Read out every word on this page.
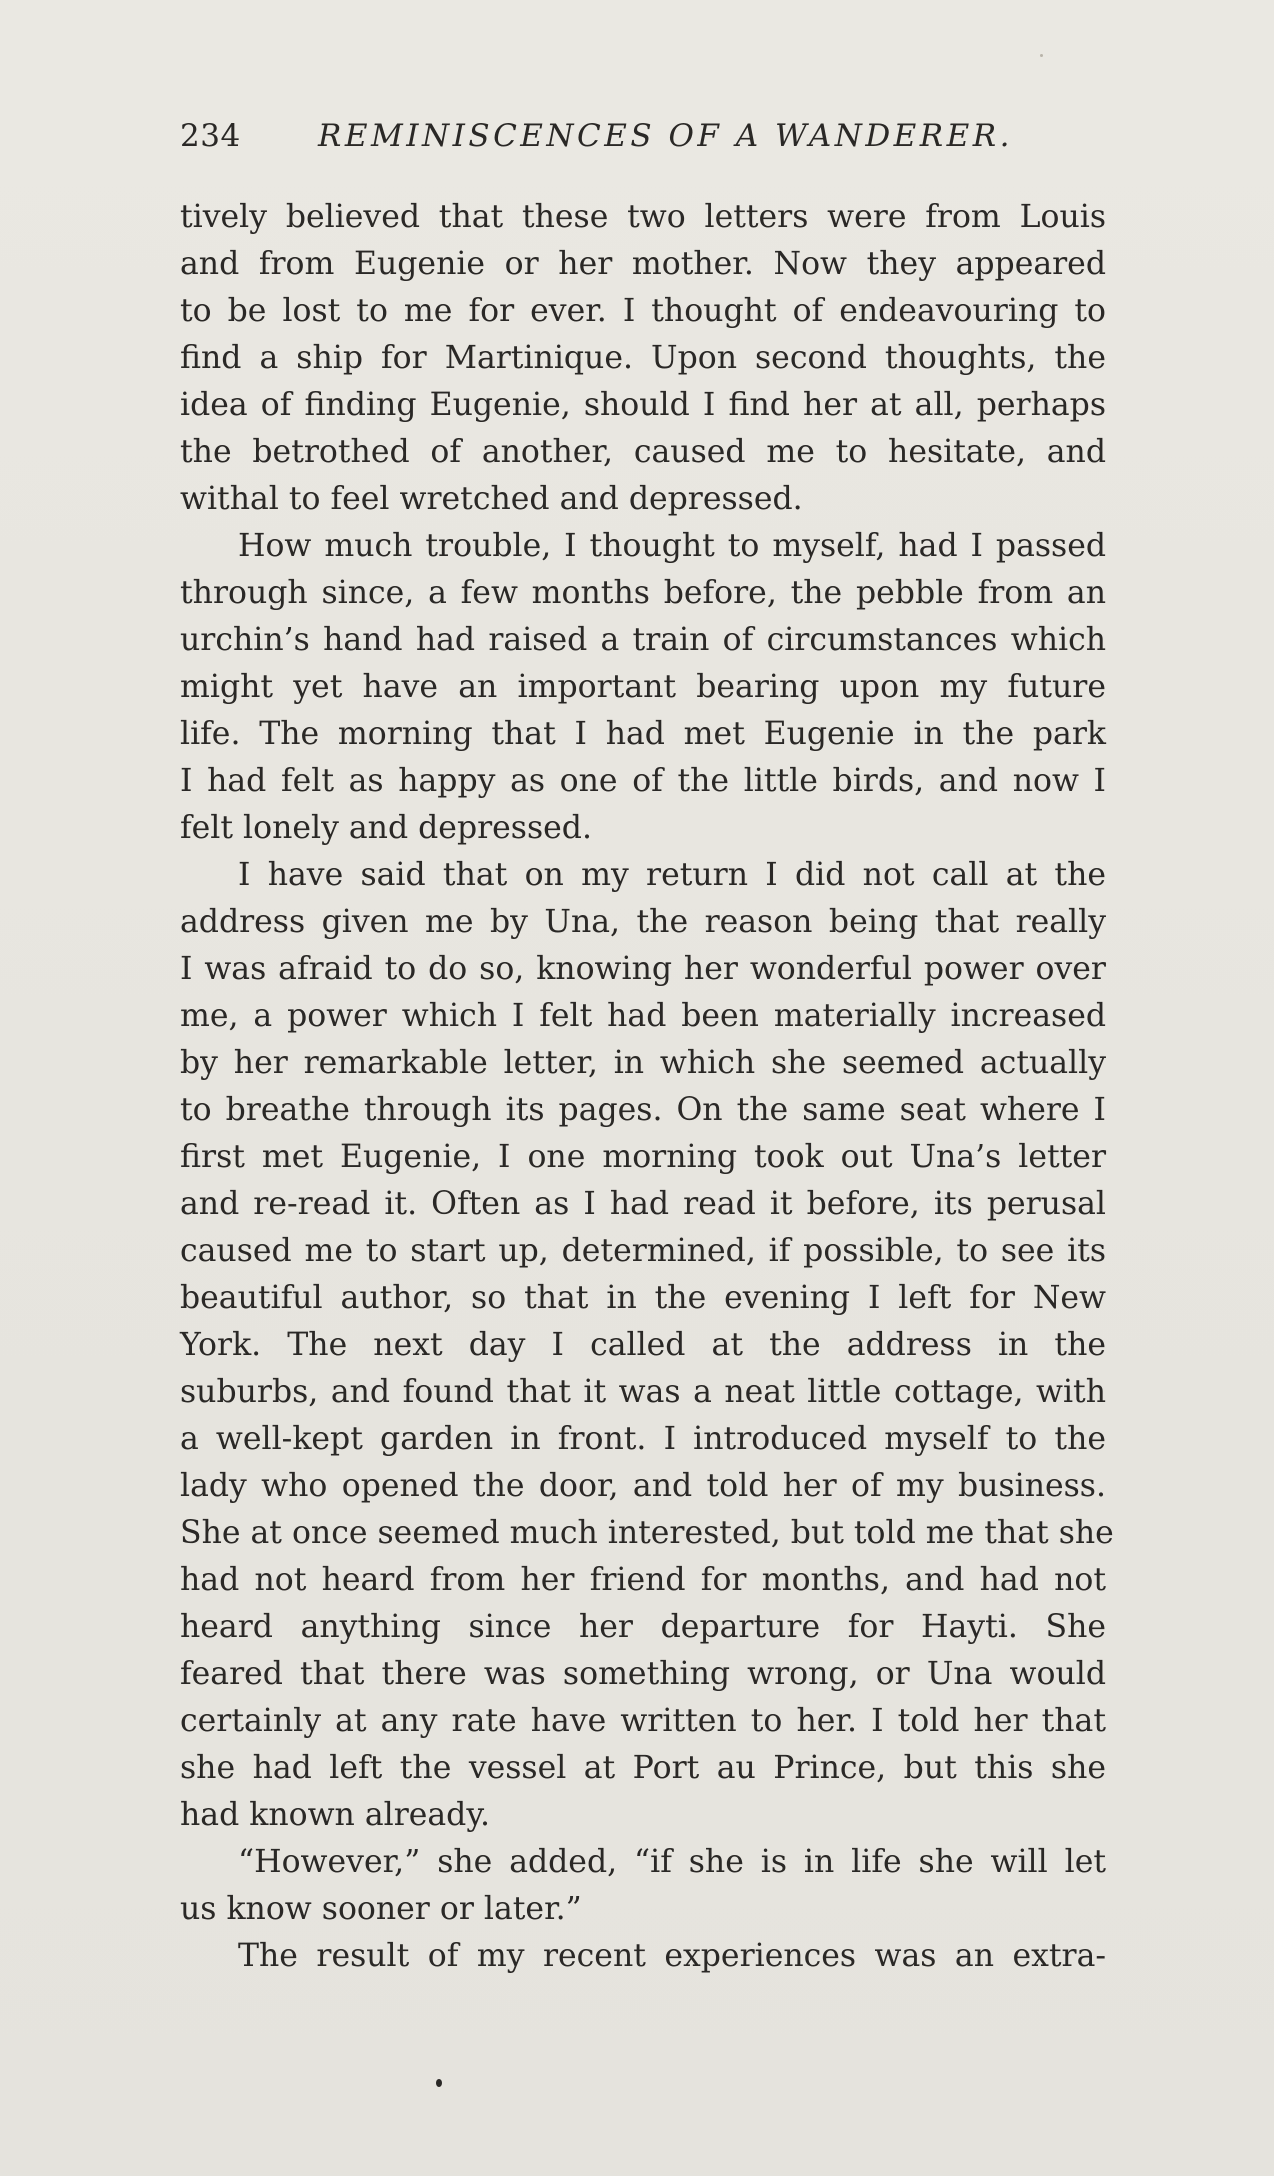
234 REMINISCENCES OF A WANDERER.
tively believed that these two letters were from Louis
and from Eugenie or her mother. Now they appeared
to be lost to me for ever. I thought of endeavouring to
find a ship for Martinique. Upon second thoughts, the
idea of finding Eugenie, should I find her at all, perhaps
the betrothed of another, caused me to hesitate, and
withal to feel wretched and depressed.
How much trouble, I thought to myself, had I passed
through since, a few months before, the pebble from an
urchin’s hand had raised a train of circumstances which
might yet have an important bearing upon my future
life. The morning that I had met Eugenie in the park
I had felt as happy as one of the little birds, and now I
felt lonely and depressed.
I have said that on my return I did not call at the
address given me by Una, the reason being that really
I was afraid to do so, knowing her wonderful power over
me, a power which I felt had been materially increased
by her remarkable letter, in which she seemed actually
to breathe through its pages. On the same seat where I
first met Eugenie, I one morning took out Una’s letter
and re-read it. Often as I had read it before, its perusal
caused me to start up, determined, if possible, to see its
beautiful author, so that in the evening I left for New
York. The next day I called at the address in the
suburbs, and found that it was a neat little cottage, with
a well-kept garden in front. I introduced myself to the
lady who opened the door, and told her of my business.
She at once seemed much interested, but told me that she
had not heard from her friend for months, and had not
heard anything since her departure for Hayti. She
feared that there was something wrong, or Una would
certainly at any rate have written to her. I told her that
she had left the vessel at Port au Prince, but this she
had known already.
“However,” she added, “if she is in life she will let
us know sooner or later.”
The result of my recent experiences was an extra-
